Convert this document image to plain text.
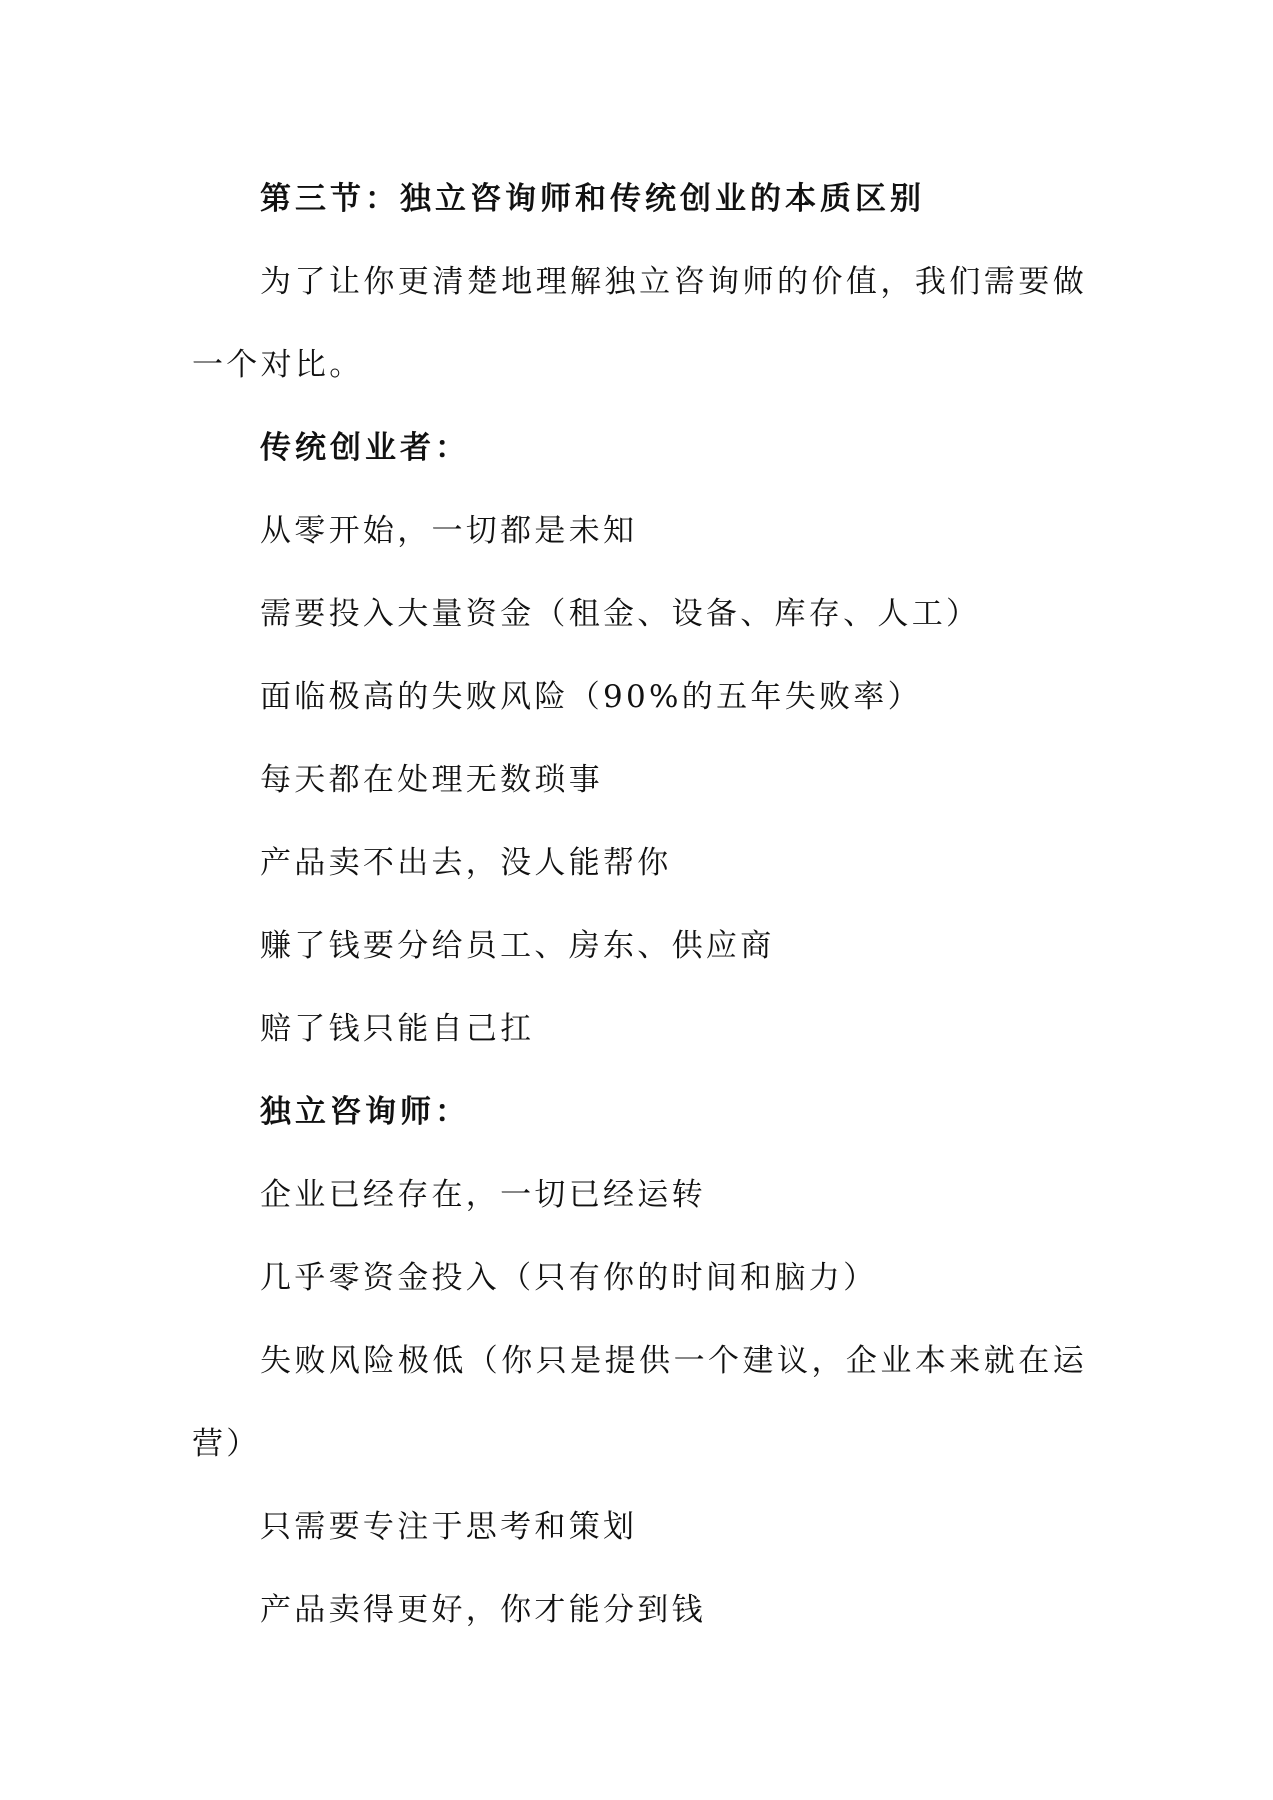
第三节：独立咨询师和传统创业的本质区别
为了让你更清楚地理解独立咨询师的价值，我们需要做一个对比。
传统创业者：
从零开始，一切都是未知
需要投入大量资金（租金、设备、库存、人工）
面临极高的失败风险（90%的五年失败率）
每天都在处理无数琐事
产品卖不出去，没人能帮你
赚了钱要分给员工、房东、供应商
赔了钱只能自己扛
独立咨询师：
企业已经存在，一切已经运转
几乎零资金投入（只有你的时间和脑力）
失败风险极低（你只是提供一个建议，企业本来就在运营）
只需要专注于思考和策划
产品卖得更好，你才能分到钱
